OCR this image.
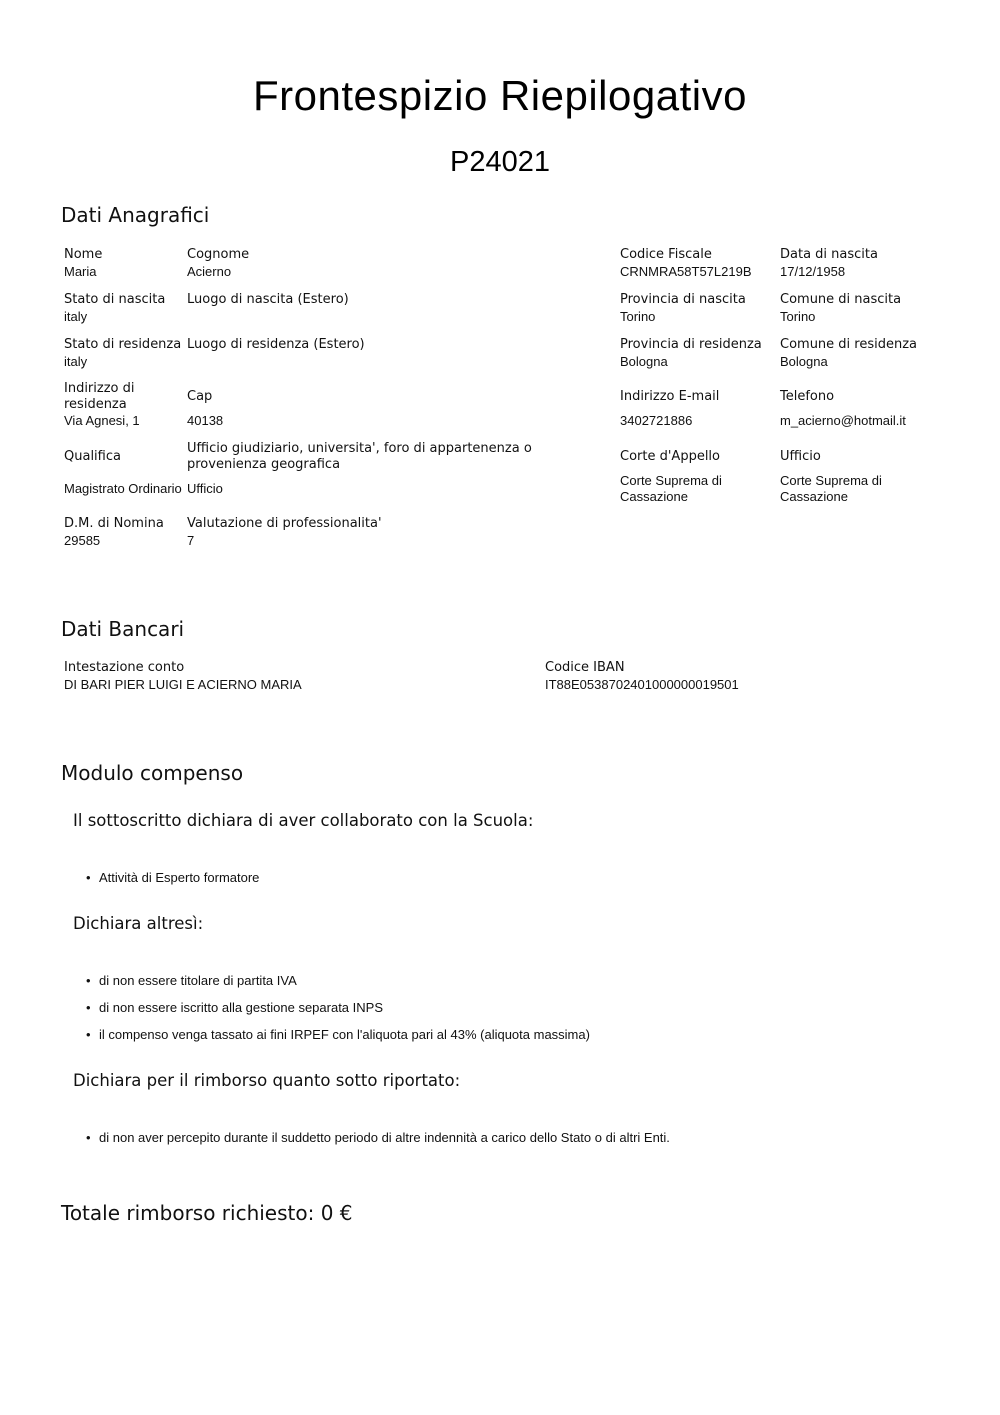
Frontespizio Riepilogativo
P24021
Dati Anagrafici
Nome
Maria
Cognome
Acierno
Codice Fiscale
CRNMRA58T57L219B
Data di nascita
17/12/1958
Stato di nascita
italy
Luogo di nascita (Estero)	Provincia di nascita
Torino
Comune di nascita
Torino
Stato di residenza
italy
Luogo di residenza (Estero)	Provincia di residenza
Bologna
Comune di residenza
Bologna
Indirizzo di residenza
Via Agnesi, 1
Cap
40138
Indirizzo E-mail
3402721886
Telefono
m_acierno@hotmail.it
Qualifica
Magistrato Ordinario
Ufficio giudiziario, universita', foro di appartenenza o provenienza geografica
Ufficio
Corte d'Appello
Corte Suprema di Cassazione
Ufficio
Corte Suprema di Cassazione
D.M. di Nomina
29585
Valutazione di professionalita'
7
Dati Bancari
Intestazione conto
DI BARI PIER LUIGI E ACIERNO MARIA
Codice IBAN
IT88E0538702401000000019501
Modulo compenso
Il sottoscritto dichiara di aver collaborato con la Scuola:
• Attività di Esperto formatore
Dichiara altresì:
• di non essere titolare di partita IVA
• di non essere iscritto alla gestione separata INPS
• il compenso venga tassato ai fini IRPEF con l'aliquota pari al 43% (aliquota massima)
Dichiara per il rimborso quanto sotto riportato:
• di non aver percepito durante il suddetto periodo di altre indennità a carico dello Stato o di altri Enti.
Totale rimborso richiesto: 0 €
